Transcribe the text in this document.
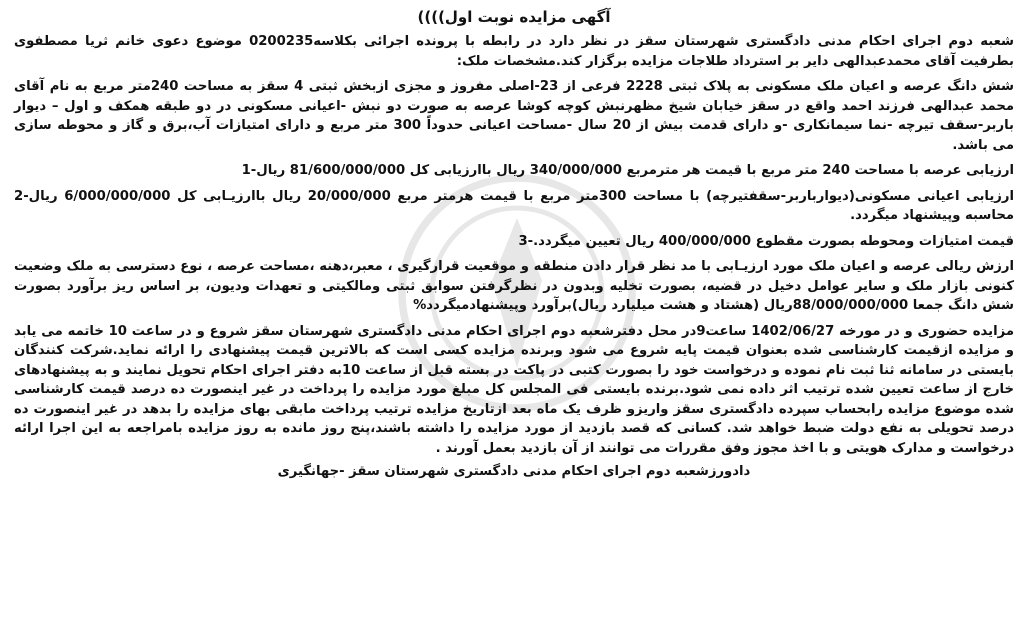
آگهی مزایده نوبت اول))))

شعبه دوم اجرای احکام مدنی دادگستری شهرستان سقز در نظر دارد در رابطه با پرونده اجرائی بکلاسه0200235 موضوع دعوی خانم ثریا مصطفوی بطرفیت آقای محمدعبدالهی دایر بر استرداد طلاجات مزایده برگزار کند.مشخصات ملک:

شش دانگ عرصه و اعیان ملک مسکونی به پلاک ثبتی 2228 فرعی از 23-اصلی مفروز و مجزی ازبخش ثبتی 4 سقز به مساحت 240متر مربع به نام آقای محمد عبدالهی فرزند احمد واقع در سقز خیابان شیخ مظهرنبش کوچه کوشا عرصه به صورت دو نبش -اعیانی مسکونی در دو طبقه همکف و اول – دیوار باربر-سقف تیرچه -نما سیمانکاری -و دارای قدمت بیش از 20 سال -مساحت اعیانی حدوداً 300 متر مربع و دارای امتیازات آب،برق و گاز و محوطه سازی می باشد.

ارزیابی عرصه با مساحت 240 متر مربع با قیمت هر مترمربع 340/000/000 ریال باارزیابی کل 81/600/000/000 ریال-1

ارزیابی اعیانی مسکونی(دیوارباربر-سقفتیرچه) با مساحت 300متر مربع با قیمت هرمتر مربع 20/000/000 ریال باارزیـابی کل 6/000/000/000 ریال-2 محاسبه وپیشنهاد میگردد.

قیمت امتیازات ومحوطه بصورت مقطوع 400/000/000 ریال تعیین میگردد.-3

ارزش ریالی عرصه و اعیان ملک مورد ارزیـابی با مد نظر قرار دادن منطقه و موقعیت قرارگیری ، معبر،دهنه ،مساحت عرصه ، نوع دسترسی به ملک وضعیت کنونی بازار ملک و سایر عوامل دخیل در قضیه، بصورت تخلیه وبدون در نظرگرفتن سوابق ثبتی ومالکیتی و تعهدات ودیون، بر اساس ریز برآورد بصورت شش دانگ جمعا 88/000/000/000ریال (هشتاد و هشت میلیارد ریال)برآورد وپیشنهادمیگردد%

مزایده حضوری و در مورخه 1402/06/27 ساعت9در محل دفترشعبه دوم اجرای احکام مدنی دادگستری شهرستان سقز شروع و در ساعت 10 خاتمه می یابد و مزایده ازقیمت کارشناسی شده بعنوان قیمت پایه شروع می شود وبرنده مزایده کسی است که بالاترین قیمت پیشنهادی را ارائه نماید.شرکت کنندگان بایستی در سامانه ثنا ثبت نام نموده و درخواست خود را بصورت کتبی در پاکت در بسته قبل از ساعت 10به دفتر اجرای احکام تحویل نمایند و به پیشنهادهای خارج از ساعت تعیین شده ترتیب اثر داده نمی شود.برنده بایستی فی المجلس کل مبلغ مورد مزایده را پرداخت در غیر اینصورت ده درصد قیمت کارشناسی شده موضوع مزایده رابحساب سپرده دادگستری سقز واریزو ظرف یک ماه بعد ازتاریخ مزایده ترتیب پرداخت مابقی بهای مزایده را بدهد در غیر اینصورت ده درصد تحویلی به نفع دولت ضبط خواهد شد. کسانی که قصد بازدید از مورد مزایده را داشته باشند،پنج روز مانده به روز مزایده بامراجعه به این اجرا ارائه درخواست و مدارک هویتی و با اخذ مجوز وفق مقررات می توانند از آن بازدید بعمل آورند .

دادورزشعبه دوم اجرای احکام مدنی دادگستری شهرستان سقز -جهانگیری
